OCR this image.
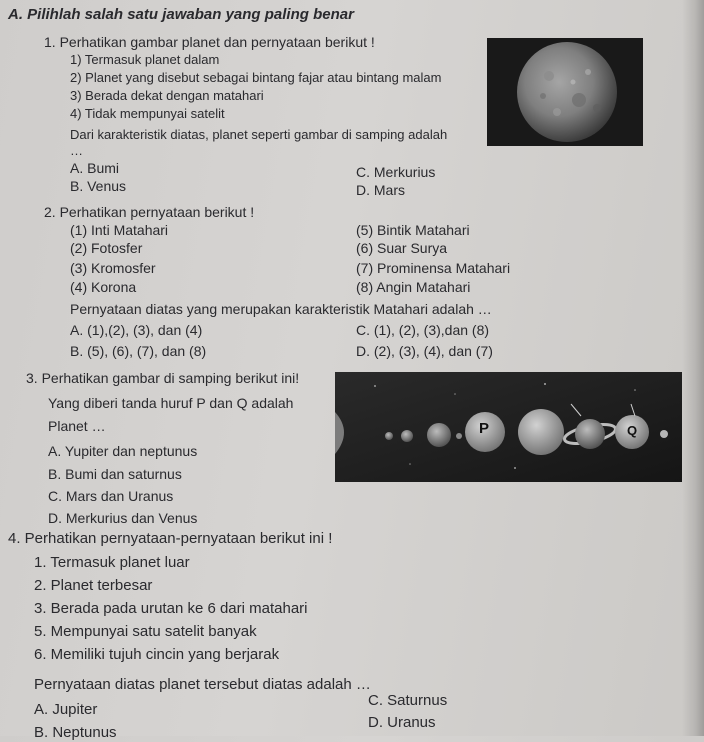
A. Pilihlah salah satu jawaban yang paling benar
1. Perhatikan gambar planet dan pernyataan berikut !
1) Termasuk planet dalam
2) Planet yang disebut sebagai bintang fajar atau bintang malam
3) Berada dekat dengan matahari
4) Tidak mempunyai satelit
Dari karakteristik diatas, planet seperti gambar di samping adalah
…
A. Bumi
B. Venus
C. Merkurius
D. Mars
2. Perhatikan pernyataan berikut !
(1) Inti Matahari
(2) Fotosfer
(3) Kromosfer
(4) Korona
(5) Bintik Matahari
(6) Suar Surya
(7) Prominensa Matahari
(8) Angin Matahari
Pernyataan diatas yang merupakan karakteristik Matahari adalah …
A. (1),(2), (3), dan (4)
B. (5), (6), (7), dan (8)
C. (1), (2), (3),dan (8)
D. (2), (3), (4), dan (7)
3. Perhatikan gambar di samping berikut ini!
Yang diberi tanda huruf P dan Q adalah
Planet …
A. Yupiter dan neptunus
B. Bumi dan saturnus
C. Mars dan Uranus
D. Merkurius dan Venus
P	Q
4. Perhatikan pernyataan-pernyataan berikut ini !
1. Termasuk planet luar
2. Planet terbesar
3. Berada pada urutan ke 6 dari matahari
5. Mempunyai satu satelit banyak
6. Memiliki tujuh cincin yang berjarak
Pernyataan diatas planet tersebut diatas adalah …
A. Jupiter
B. Neptunus
C. Saturnus
D. Uranus
